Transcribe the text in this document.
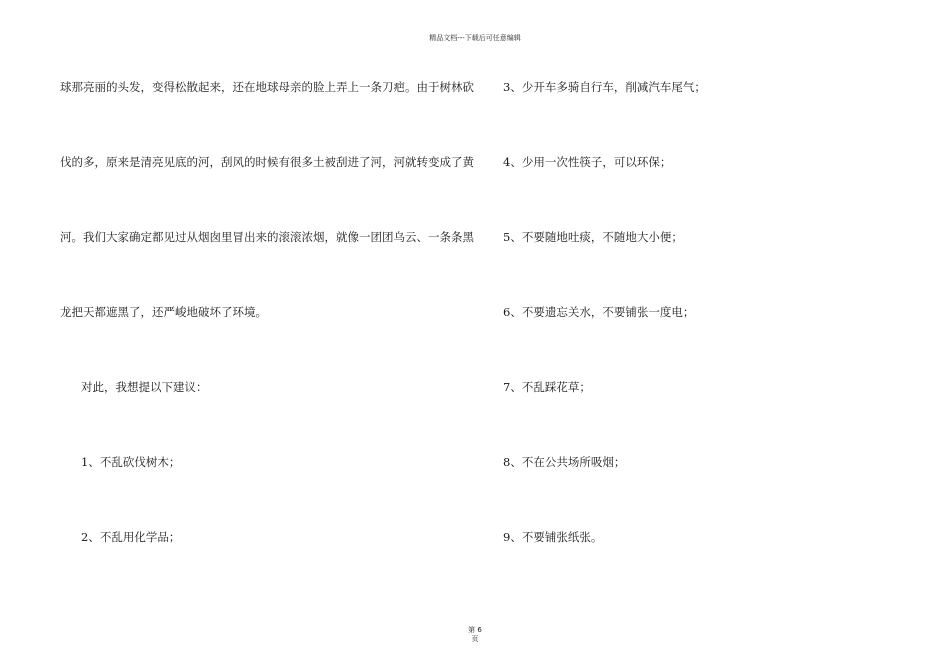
精品文档---下载后可任意编辑
球那亮丽的头发，变得松散起来，还在地球母亲的脸上弄上一条刀疤。由于树林砍
伐的多，原来是清亮见底的河，刮风的时候有很多土被刮进了河，河就转变成了黄
河。我们大家确定都见过从烟囱里冒出来的滚滚浓烟，就像一团团乌云、一条条黑
龙把天都遮黑了，还严峻地破坏了环境。
对此，我想提以下建议：
1、不乱砍伐树木；
2、不乱用化学品；
3、少开车多骑自行车，削减汽车尾气；
4、少用一次性筷子，可以环保；
5、不要随地吐痰，不随地大小便；
6、不要遗忘关水，不要铺张一度电；
7、不乱踩花草；
8、不在公共场所吸烟；
9、不要铺张纸张。
第 6
页
